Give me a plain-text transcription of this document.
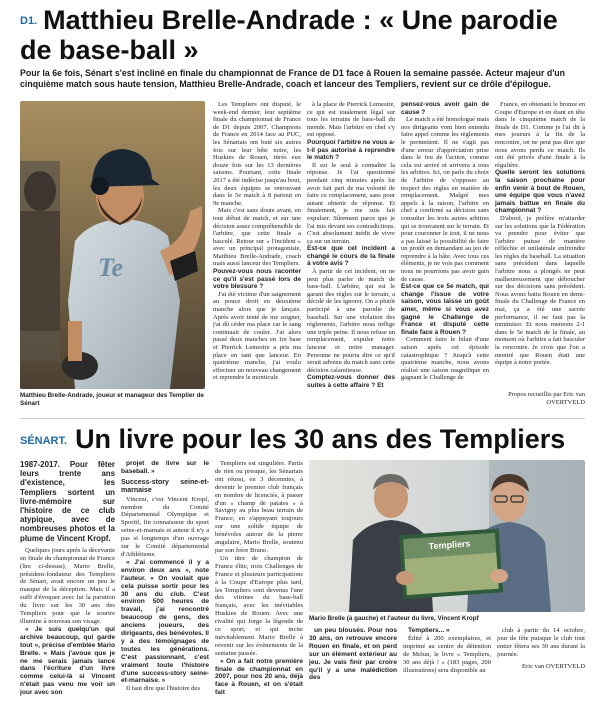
D1. Matthieu Brelle-Andrade : « Une parodie de base-ball »
Pour la 6e fois, Sénart s'est incliné en finale du championnat de France de D1 face à Rouen la semaine passée. Acteur majeur d'un cinquième match sous haute tension, Matthieu Brelle-Andrade, coach et lanceur des Templiers, revient sur ce drôle d'épilogue.
Te
Matthieu Brelle-Andrade, joueur et manageur des Templier de Sénart

Les Templiers ont disputé, le week-end dernier, leur septième finale du championnat de France de D1 depuis 2007. Champions de France en 2014 face au PUC, les Sénartais ont buté six autres fois sur leur bête noire, les Huskies de Rouen, titrés eux douze fois sur les 13 dernières saisons. Pourtant, cette finale 2017 a été indécise jusqu'au bout, les deux équipes se retrouvant dans le 5e match à 8 partout en 9e manche.

Mais c'est sans doute avant, en tout début de match, et sur une décision assez compréhensible de l'arbitre, que cette finale a basculé. Retour sur « l'incident » avec un principal protagoniste, Matthieu Brelle-Andrade, coach mais aussi lanceur des Templiers.

Pouvez-vous nous raconter ce qu'il s'est passé lors de votre blessure ?

J'ai été victime d'un saignement au pouce droit en deuxième manche alors que je lançais. Après avoir tenté de me soigner, j'ai dû céder ma place car le sang continuait de couler. J'ai alors passé deux manches en 1re base et Pierrick Lemestre a pris ma place en tant que lanceur. En quatrième manche, j'ai voulu effectuer un nouveau changement et reprendre le monticule

à la place de Pierrick Lemestre, ce qui est totalement légal sur tous les terrains de base-ball du monde. Mais l'arbitre en chef s'y est opposé.

Pourquoi l'arbitre ne vous a-t-il pas autorisé à reprendre le match ?

Il est le seul à connaître la réponse. Je l'ai questionné pendant cinq minutes après lui avoir fait part de ma volonté de faire ce remplacement, sans pour autant obtenir de réponse. Et finalement, je me suis fait expulser. Sûrement parce que je l'ai mis devant ses contradictions. C'est absolument inédit de vivre ça sur un terrain.

Est-ce que cet incident a changé le cours de la finale à votre avis ?

À partir de cet incident, on ne peut plus parler de match de base-ball. L'arbitre, qui est le garant des règles sur le terrain, a décidé de les ignorer. On a plutôt participé à une parodie de baseball. Sur une violation des règlements, l'arbitre nous inflige une triple peine. Il nous refuse un remplacement, expulse notre lanceur et notre manager. Personne ne pourra dire ce qu'il serait advenu du match sans cette décision calamiteuse.

Comptez-vous donner des suites à cette affaire ? Et

pensez-vous avoir gain de cause ?

Le match a été homologué mais nos dirigeants vont bien entendu faire appel comme les règlements le permettent. Il ne s'agit pas d'une erreur d'appréciation prise dans le feu de l'action, comme cela est arrivé et arrivera à tous les arbitres. Ici, on parle du choix de l'arbitre de s'opposer au respect des règles en matière de remplacement. Malgré mes appels à la raison, l'arbitre en chef a confirmé sa décision sans consulter les trois autres arbitres qui se trouvaient sur le terrain. Et pour couronner le tout, il ne nous a pas laissé la possibilité de faire un protêt en demandant au jeu de reprendre à la hâte. Avec tous ces éléments, je ne vois pas comment nous ne pourrions pas avoir gain de cause.

Est-ce que ce 5e match, qui change l'issue de votre saison, vous laisse un goût amer, même si vous avez gagné le Challenge de France et disputé cette finale face à Rouen ?

Comment faire le bilan d'une saison après cet épisode catastrophique ? Jusqu'à cette quatrième manche, nous avons réalisé une saison magnifique en gagnant le Challenge de

France, en obtenant le bronze en Coupe d'Europe et en étant en tête dans le cinquième match de la finale de D1. Comme je l'ai dit à mes joueurs à la fin de la rencontre, on ne peut pas dire que nous avons perdu ce match. Ils ont été privés d'une finale à la régulière.

Quelle seront les solutions la saison prochaine pour enfin venir à bout de Rouen, une équipe que vous n'avez jamais battue en finale du championnat ?

D'abord, je préfère m'attarder sur les solutions que la Fédération va prendre pour éviter que l'arbitre puisse de manière réfléchie et unilatérale enfreindre les règles du baseball. La situation sans précédent dans laquelle l'arbitre nous a plongés ne peut malheureusement que déboucher sur des décisions sans précédent. Nous avons battu Rouen en demi-finale du Challenge de France en mai, ça a été une sacrée performance, il ne faut pas la minimiser. Et nous menions 2-1 dans le 5e match de la finale, au moment où l'arbitre a fait basculer la rencontre. Je crois que l'on a montré que Rouen était une équipe à notre portée.

Propos recueillis par Eric van OVERTVELD

SÉNART. Un livre pour les 30 ans des Templiers

1987-2017. Pour fêter leurs trente ans d'existence, les Templiers sortent un livre-mémoire sur l'histoire de ce club atypique, avec de nombreuses photos et la plume de Vincent Kropf.

Quelques jours après la décevante en finale du championnat de France (lire ci-dessus), Mario Brelle, président-fondateur des Templiers de Sénart, avait encore un peu le masque de la déception. Mais il a suffi d'évoquer avec lui la parution du livre sur les 30 ans des Templiers pour que le sourire illumine à nouveau son visage.

« Je suis quelqu'un qui archive beaucoup, qui garde tout », précise d'emblée Mario Brelle. « Mais j'avoue que je ne me serais jamais lancé dans l'écriture d'un livre comme celui-là si Vincent n'était pas venu me voir un jour avec son

projet de livre sur le baseball. »

Success-story seine-et-marnaise

Vincent, c'est Vincent Kropf, membre du Comité Départemental Olympique et Sportif, fin connaisseur du sport seine-et-marnais et auteur il n'y a pas si longtemps d'un ouvrage sur le Comité départemental d'Athlétisme.

« J'ai commencé il y a environ deux ans », note l'auteur. « On voulait que cela puisse sortir pour les 30 ans du club. C'est environ 500 heures de travail, j'ai rencontré beaucoup de gens, des anciens joueurs, des dirigeants, des bénévoles. Il y a des témoignages de toutes les générations. C'est passionnant, c'est vraiment toute l'histoire d'une success-story seine-et-marnaise. »

Il faut dire que l'histoire des

Templiers est singulière. Partis de rien ou presque, les Sénartais ont réussi, en 3 décennies, à devenir le premier club français en nombre de licenciés, à passer d'un « champ de patates » à Savigny au plus beau terrain de France, en s'appuyant toujours sur une solide équipe de bénévoles autour de la pierre angulaire, Mario Brelle, soutenu par son frère Bruno.

Un titre de champion de France élite, trois Challenges de France et plusieurs participations à la Coupe d'Europe plus tard, les Templiers sont devenus l'une des vitrines du base-ball français, avec les inévitables Huskies de Rouen. Avec une rivalité qui forge la légende de ce sport, et qui incite inévitablement Mario Brelle à revenir sur les évènements de la semaine passée.

« On a fait notre première finale de championnat en 2007, pour nos 20 ans, déjà face à Rouen, et on s'était fait

Templiers
Mario Brelle (à gauche) et l'auteur du livre, Vincent Kropf

un peu blousés. Pour nos 30 ans, on retrouve encore Rouen en finale, et on perd sur un élément extérieur au jeu. Je vais finir par croire qu'il y a une malédiction des

Templiers... »

Édité à 200 exemplaires, et imprimé au centre de détention de Melun, le livre « Templiers, 30 ans déjà ! » (183 pages, 200 illustrations) sera disponible au

club à partir du 14 octobre, jour de fête puisque le club tout entier fêtera ses 30 ans durant la journée.

Eric van OVERTVELD
